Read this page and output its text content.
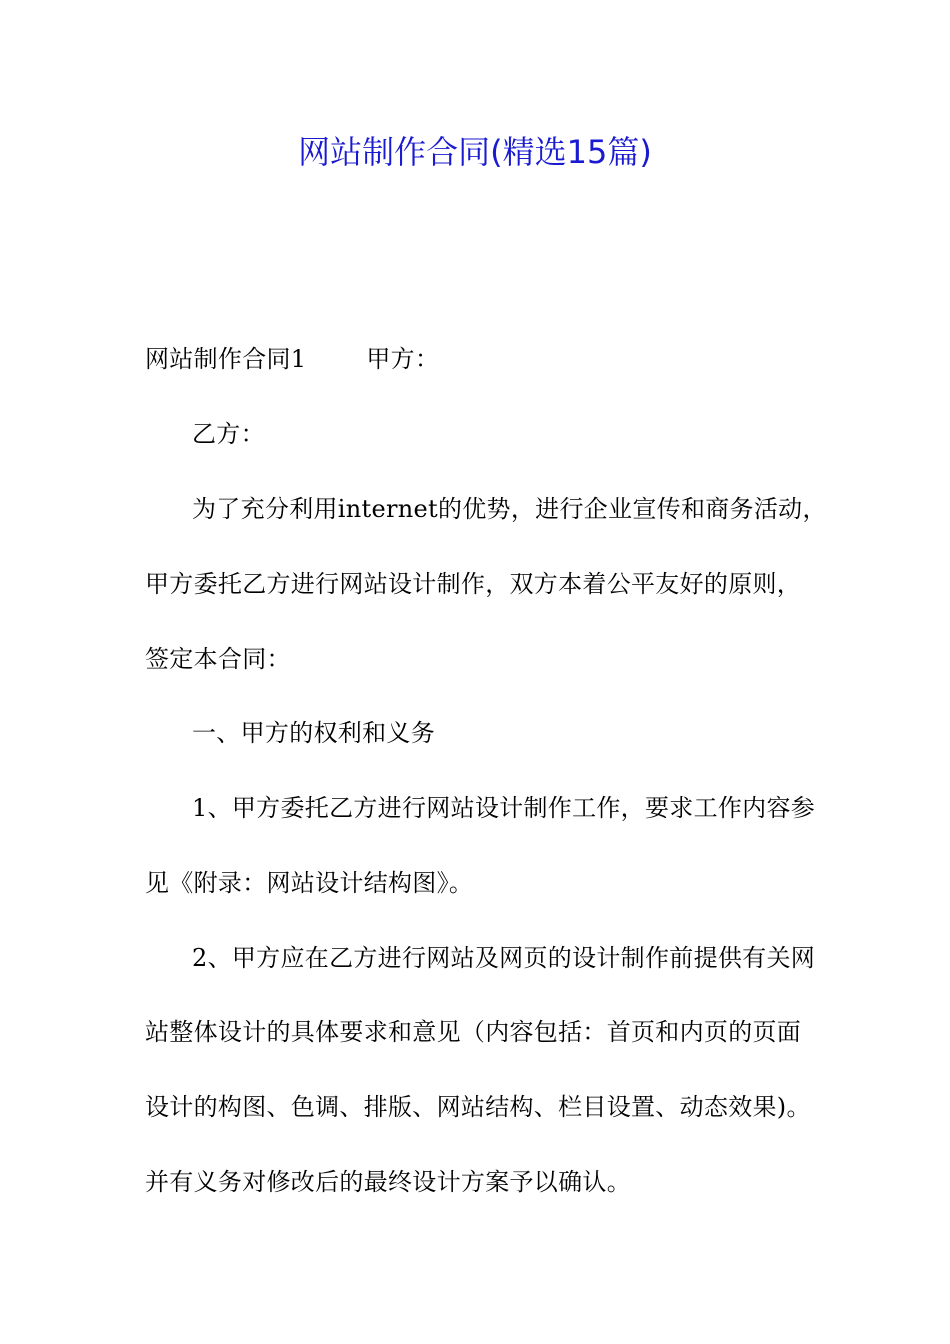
网站制作合同(精选15篇)
网站制作合同1	甲方：
乙方：
为了充分利用internet的优势，进行企业宣传和商务活动，
甲方委托乙方进行网站设计制作，双方本着公平友好的原则，
签定本合同：
一、甲方的权利和义务
1、甲方委托乙方进行网站设计制作工作，要求工作内容参
见《附录：网站设计结构图》。
2、甲方应在乙方进行网站及网页的设计制作前提供有关网
站整体设计的具体要求和意见（内容包括：首页和内页的页面
设计的构图、色调、排版、网站结构、栏目设置、动态效果)。
并有义务对修改后的最终设计方案予以确认。
